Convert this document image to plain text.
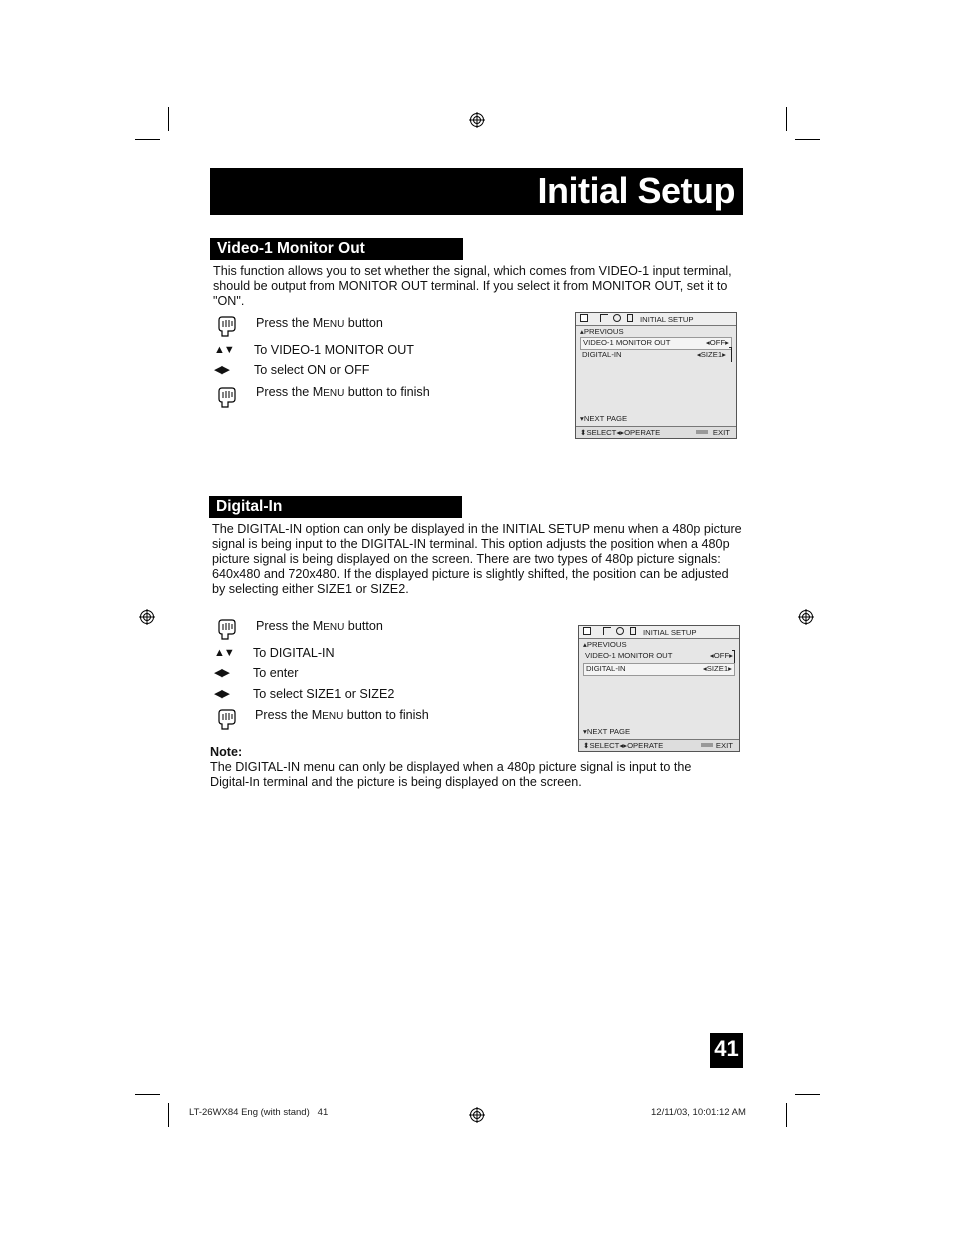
Initial Setup
Video-1 Monitor Out
This function allows you to set whether the signal, which comes from VIDEO-1 input terminal, should be output from MONITOR OUT terminal. If you select it from MONITOR OUT, set it to "ON".
Press the MENU button
▲▼ To VIDEO-1 MONITOR OUT
◀▶ To select ON or OFF
Press the MENU button to finish
INITIAL SETUP
▴PREVIOUS
VIDEO-1 MONITOR OUT	◂OFF▸
DIGITAL-IN	◂SIZE1▸
▾NEXT PAGE
⬍SELECT◂▸OPERATE	EXIT
Digital-In
The DIGITAL-IN option can only be displayed in the INITIAL SETUP menu when a 480p picture signal is being input to the DIGITAL-IN terminal. This option adjusts the position when a 480p picture signal is being displayed on the screen. There are two types of 480p picture signals: 640x480 and 720x480. If the displayed picture is slightly shifted, the position can be adjusted by selecting either SIZE1 or SIZE2.
Press the MENU button
▲▼ To DIGITAL-IN
◀▶ To enter
◀▶ To select SIZE1 or SIZE2
Press the MENU button to finish
INITIAL SETUP
▴PREVIOUS
VIDEO-1 MONITOR OUT	◂OFF▸
DIGITAL-IN	◂SIZE1▸
▾NEXT PAGE
⬍SELECT◂▸OPERATE	EXIT
Note:
The DIGITAL-IN menu can only be displayed when a 480p picture signal is input to the Digital-In terminal and the picture is being displayed on the screen.
41
LT-26WX84 Eng (with stand)   41	12/11/03, 10:01:12 AM
